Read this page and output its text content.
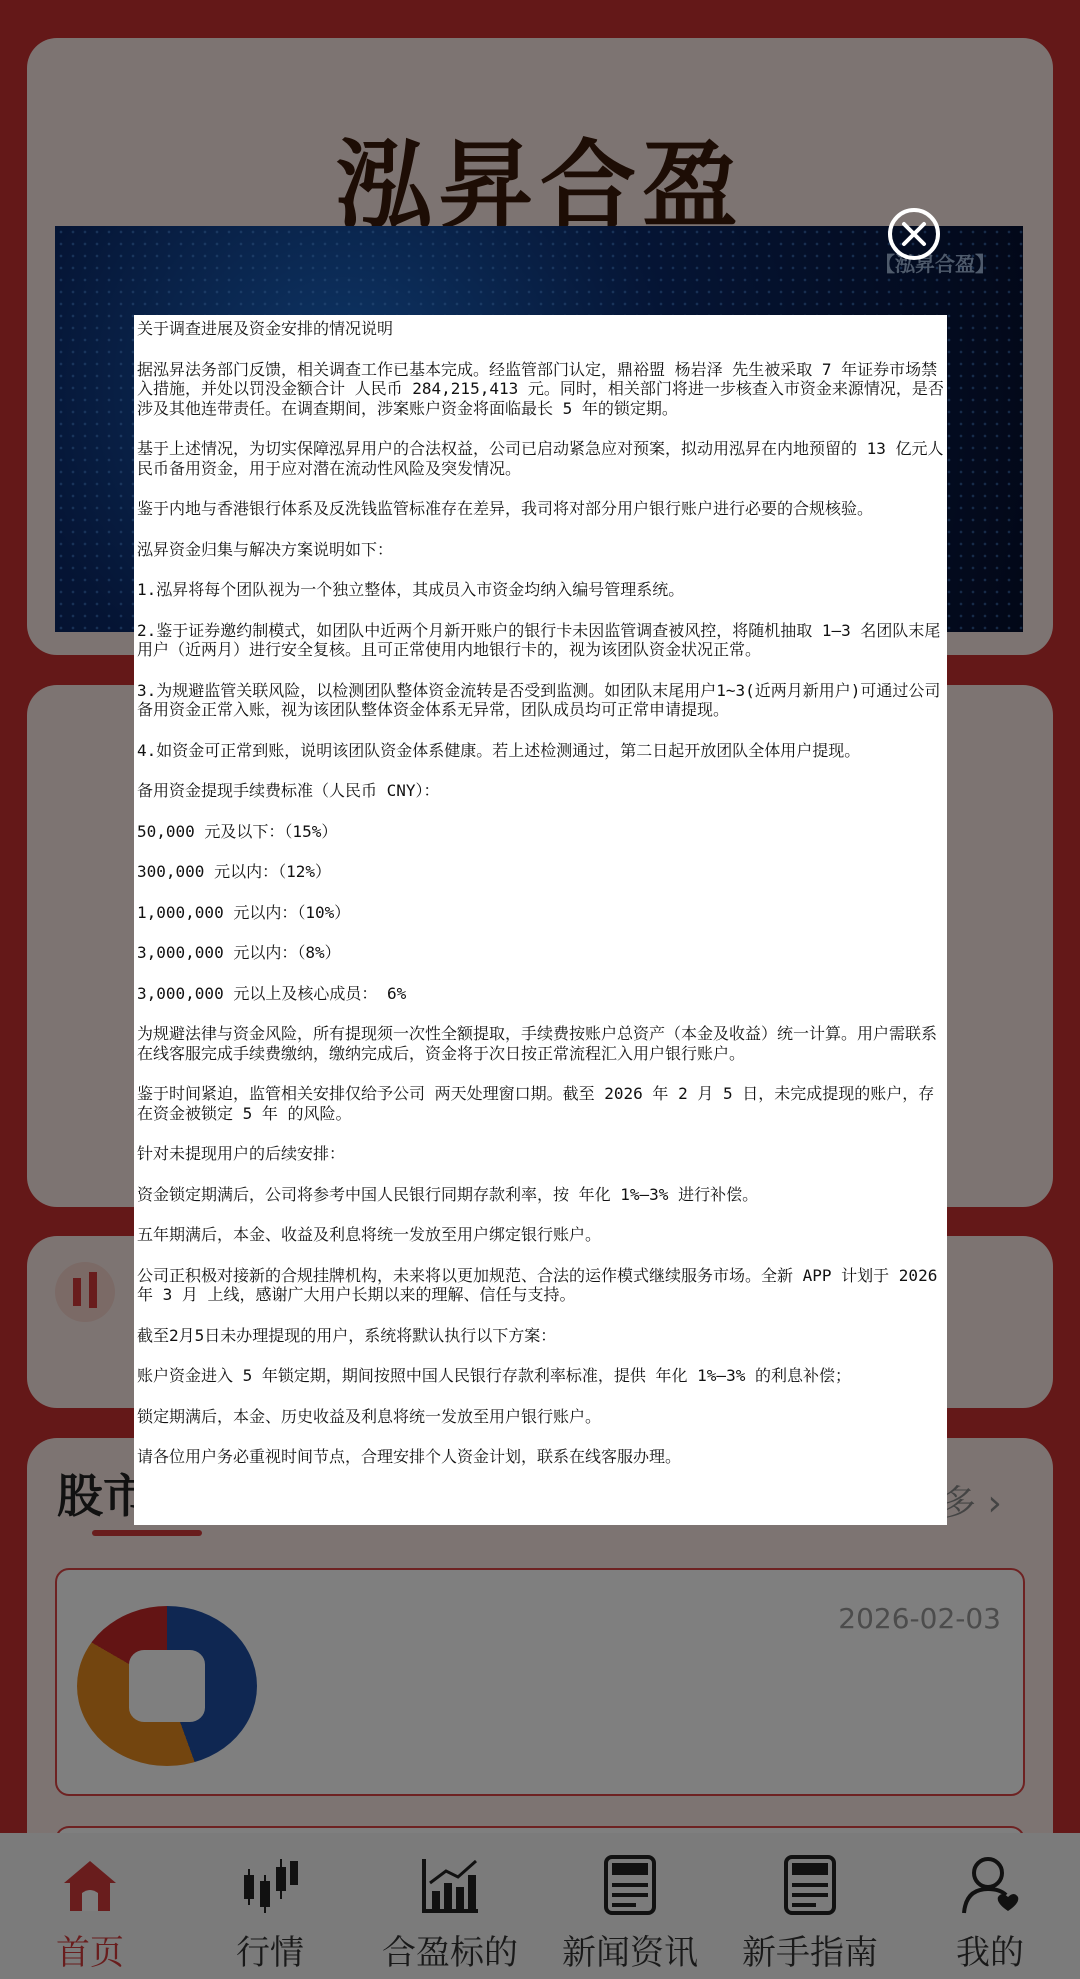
关于调查进展及资金安排的情况说明

据泓昇法务部门反馈，相关调查工作已基本完成。经监管部门认定，鼎裕盟 杨岩泽 先生被采取 7 年证券市场禁入措施，并处以罚没金额合计 人民币 284,215,413 元。同时，相关部门将进一步核查入市资金来源情况，是否涉及其他连带责任。在调查期间，涉案账户资金将面临最长 5 年的锁定期。

基于上述情况，为切实保障泓昇用户的合法权益，公司已启动紧急应对预案，拟动用泓昇在内地预留的 13 亿元人民币备用资金，用于应对潜在流动性风险及突发情况。

鉴于内地与香港银行体系及反洗钱监管标准存在差异，我司将对部分用户银行账户进行必要的合规核验。

泓昇资金归集与解决方案说明如下：

1.泓昇将每个团队视为一个独立整体，其成员入市资金均纳入编号管理系统。

2.鉴于证券邀约制模式，如团队中近两个月新开账户的银行卡未因监管调查被风控，将随机抽取 1—3 名团队末尾用户（近两月）进行安全复核。且可正常使用内地银行卡的，视为该团队资金状况正常。

3.为规避监管关联风险，以检测团队整体资金流转是否受到监测。如团队末尾用户1~3(近两月新用户)可通过公司备用资金正常入账，视为该团队整体资金体系无异常，团队成员均可正常申请提现。

4.如资金可正常到账，说明该团队资金体系健康。若上述检测通过，第二日起开放团队全体用户提现。

备用资金提现手续费标准（人民币 CNY）：

50,000 元及以下：（15%）

300,000 元以内：（12%）

1,000,000 元以内：（10%）

3,000,000 元以内：（8%）

3,000,000 元以上及核心成员： 6%

为规避法律与资金风险，所有提现须一次性全额提取，手续费按账户总资产（本金及收益）统一计算。用户需联系在线客服完成手续费缴纳，缴纳完成后，资金将于次日按正常流程汇入用户银行账户。

鉴于时间紧迫，监管相关安排仅给予公司 两天处理窗口期。截至 2026 年 2 月 5 日，未完成提现的账户，存在资金被锁定 5 年 的风险。

针对未提现用户的后续安排：

资金锁定期满后，公司将参考中国人民银行同期存款利率，按 年化 1%—3% 进行补偿。

五年期满后，本金、收益及利息将统一发放至用户绑定银行账户。

公司正积极对接新的合规挂牌机构，未来将以更加规范、合法的运作模式继续服务市场。全新 APP 计划于 2026 年 3 月 上线，感谢广大用户长期以来的理解、信任与支持。

截至2月5日未办理提现的用户，系统将默认执行以下方案：

账户资金进入 5 年锁定期，期间按照中国人民银行存款利率标准，提供 年化 1%—3% 的利息补偿；

锁定期满后，本金、历史收益及利息将统一发放至用户银行账户。

请各位用户务必重视时间节点，合理安排个人资金计划，联系在线客服办理。
